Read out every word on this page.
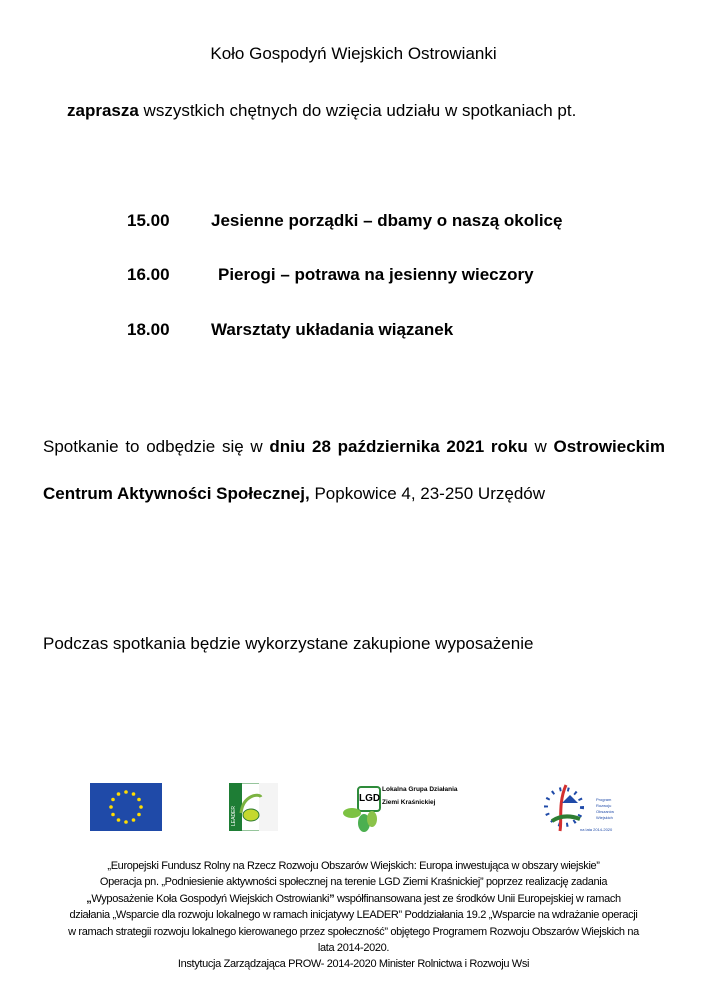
Koło Gospodyń Wiejskich Ostrowianki
zaprasza wszystkich chętnych do wzięcia udziału w spotkaniach pt.
15.00 Jesienne porządki – dbamy o naszą okolicę
16.00	Pierogi – potrawa na jesienny wieczory
18.00 Warsztaty układania wiązanek
Spotkanie to odbędzie się w dniu 28 października 2021 roku w Ostrowieckim Centrum Aktywności Społecznej, Popkowice 4, 23-250 Urzędów
Podczas spotkania będzie wykorzystane zakupione wyposażenie
LEADER
LGD
Lokalna Grupa Działania
Ziemi Kraśnickiej	Program Rozwoju Obszarów Wiejskich
na lata 2014-2020
„Europejski Fundusz Rolny na Rzecz Rozwoju Obszarów Wiejskich: Europa inwestująca w obszary wiejskie”
Operacja pn. „Podniesienie aktywności społecznej na terenie LGD Ziemi Kraśnickiej” poprzez realizację zadania
„Wyposażenie Koła Gospodyń Wiejskich Ostrowianki” współfinansowana jest ze środków Unii Europejskiej w ramach
działania „Wsparcie dla rozwoju lokalnego w ramach inicjatywy LEADER” Poddziałania 19.2 „Wsparcie na wdrażanie operacji
w ramach strategii rozwoju lokalnego kierowanego przez społeczność” objętego Programem Rozwoju Obszarów Wiejskich na
lata 2014-2020.
Instytucja Zarządzająca PROW- 2014-2020 Minister Rolnictwa i Rozwoju Wsi
